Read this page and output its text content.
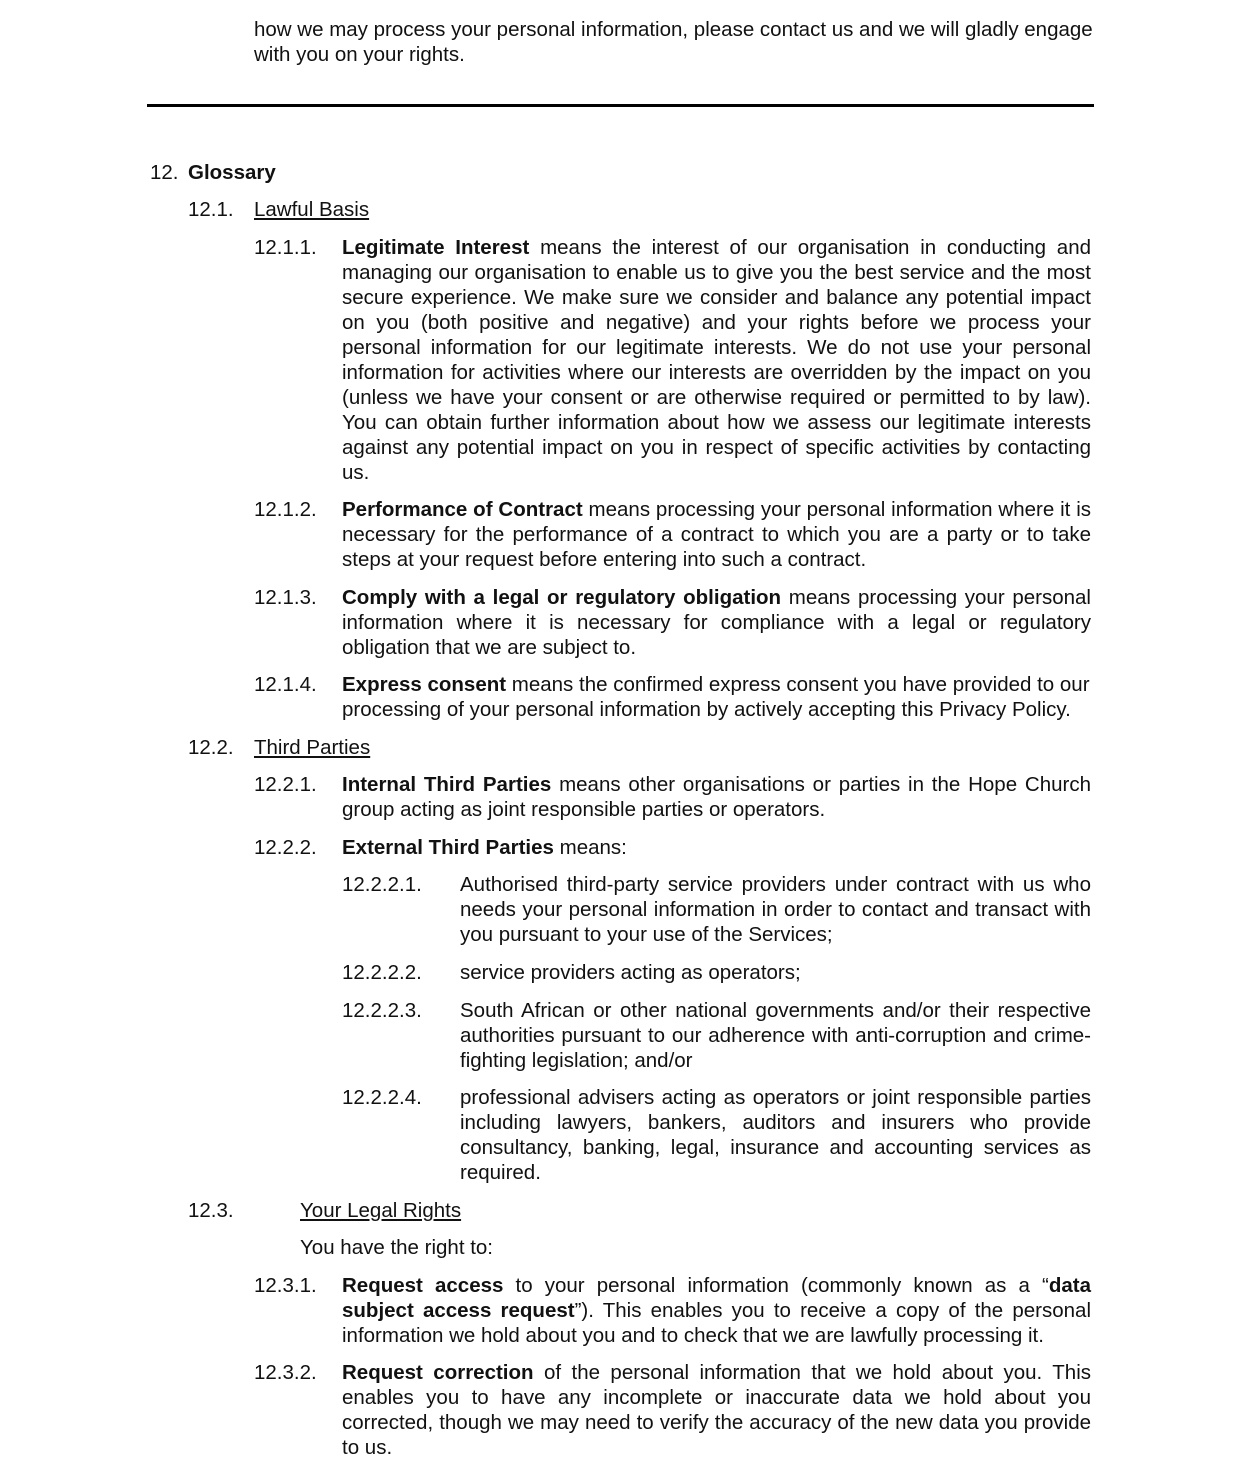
how we may process your personal information, please contact us and we will gladly engage with you on your rights.
12. Glossary
12.1. Lawful Basis
12.1.1. Legitimate Interest means the interest of our organisation in conducting and managing our organisation to enable us to give you the best service and the most secure experience. We make sure we consider and balance any potential impact on you (both positive and negative) and your rights before we process your personal information for our legitimate interests. We do not use your personal information for activities where our interests are overridden by the impact on you (unless we have your consent or are otherwise required or permitted to by law). You can obtain further information about how we assess our legitimate interests against any potential impact on you in respect of specific activities by contacting us.
12.1.2. Performance of Contract means processing your personal information where it is necessary for the performance of a contract to which you are a party or to take steps at your request before entering into such a contract.
12.1.3. Comply with a legal or regulatory obligation means processing your personal information where it is necessary for compliance with a legal or regulatory obligation that we are subject to.
12.1.4. Express consent means the confirmed express consent you have provided to our processing of your personal information by actively accepting this Privacy Policy.
12.2. Third Parties
12.2.1. Internal Third Parties means other organisations or parties in the Hope Church group acting as joint responsible parties or operators.
12.2.2. External Third Parties means:
12.2.2.1. Authorised third-party service providers under contract with us who needs your personal information in order to contact and transact with you pursuant to your use of the Services;
12.2.2.2. service providers acting as operators;
12.2.2.3. South African or other national governments and/or their respective authorities pursuant to our adherence with anti-corruption and crime-fighting legislation; and/or
12.2.2.4. professional advisers acting as operators or joint responsible parties including lawyers, bankers, auditors and insurers who provide consultancy, banking, legal, insurance and accounting services as required.
12.3.	Your Legal Rights
You have the right to:
12.3.1. Request access to your personal information (commonly known as a “data subject access request”). This enables you to receive a copy of the personal information we hold about you and to check that we are lawfully processing it.
12.3.2. Request correction of the personal information that we hold about you. This enables you to have any incomplete or inaccurate data we hold about you corrected, though we may need to verify the accuracy of the new data you provide to us.
